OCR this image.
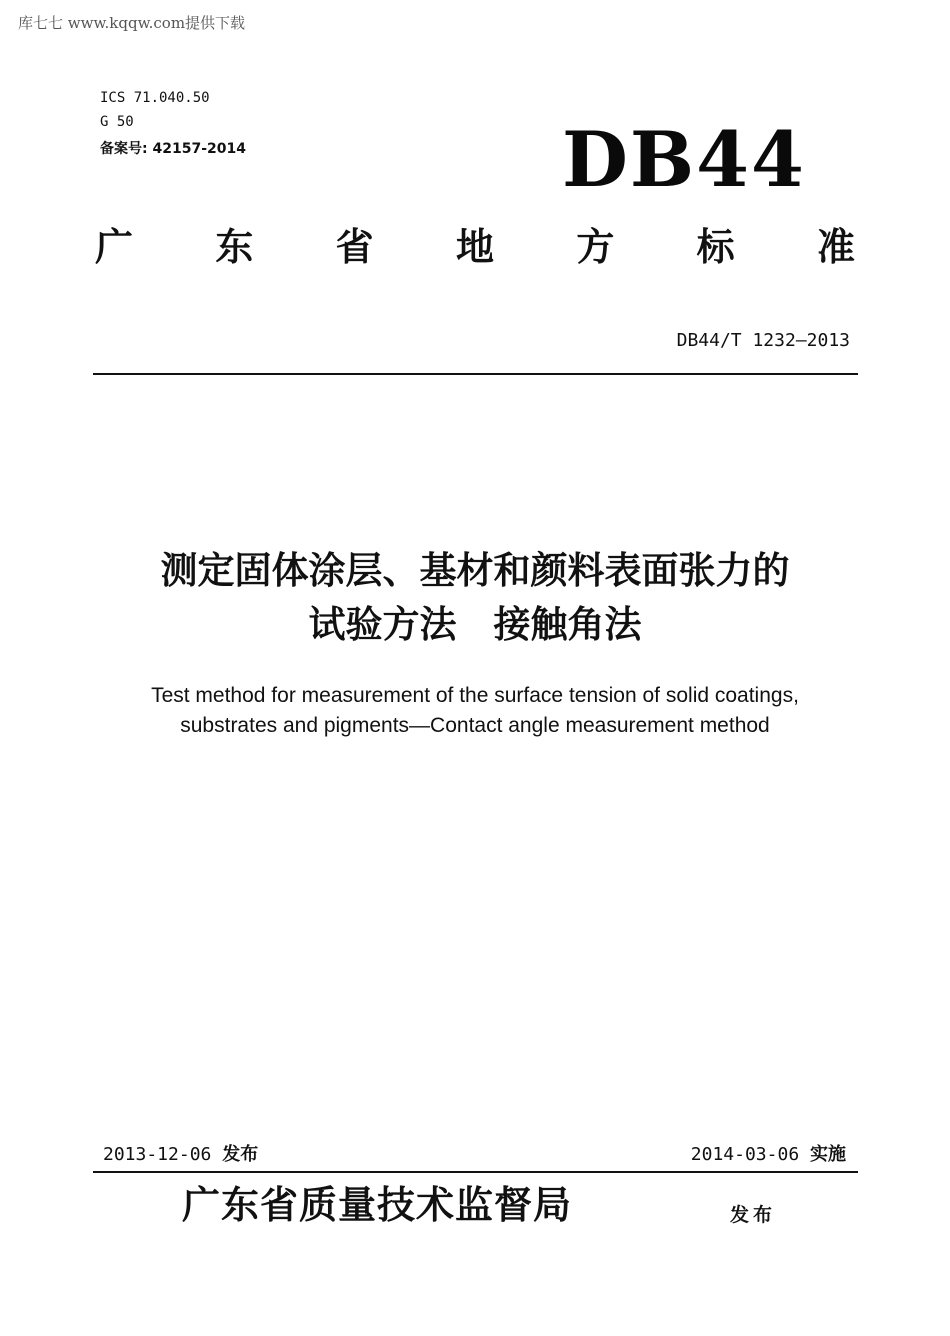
库七七 www.kqqw.com提供下载
ICS 71.040.50
G 50
备案号: 42157-2014	DB44
广 东 省 地 方 标 准
DB44/T 1232—2013
测定固体涂层、基材和颜料表面张力的
试验方法　接触角法
Test method for measurement of the surface tension of solid coatings,
substrates and pigments—Contact angle measurement method
2013-12-06 发布	2014-03-06 实施
广东省质量技术监督局	发布
